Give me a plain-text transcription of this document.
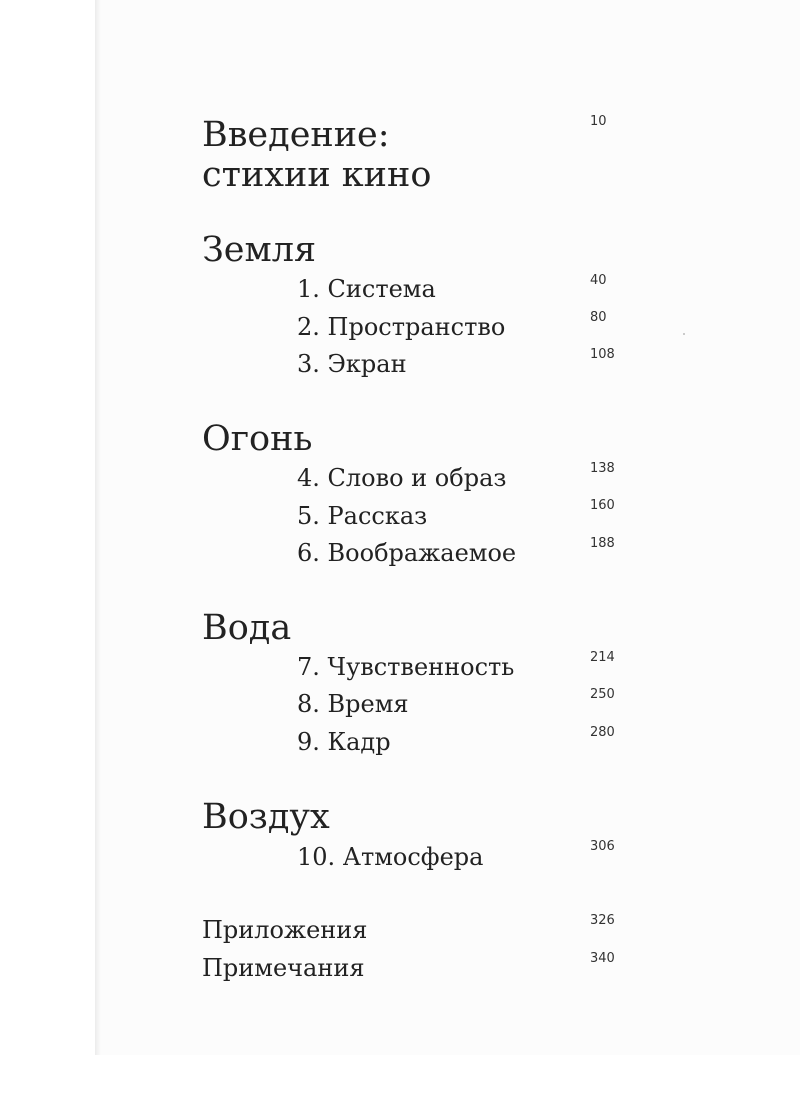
Введение:
стихии кино
10
Земля
1. Система	40
2. Пространство	80
3. Экран	108
Огонь
4. Слово и образ	138
5. Рассказ	160
6. Воображаемое	188
Вода
7. Чувственность	214
8. Время	250
9. Кадр	280
Воздух
10. Атмосфера	306
Приложения	326
Примечания	340
